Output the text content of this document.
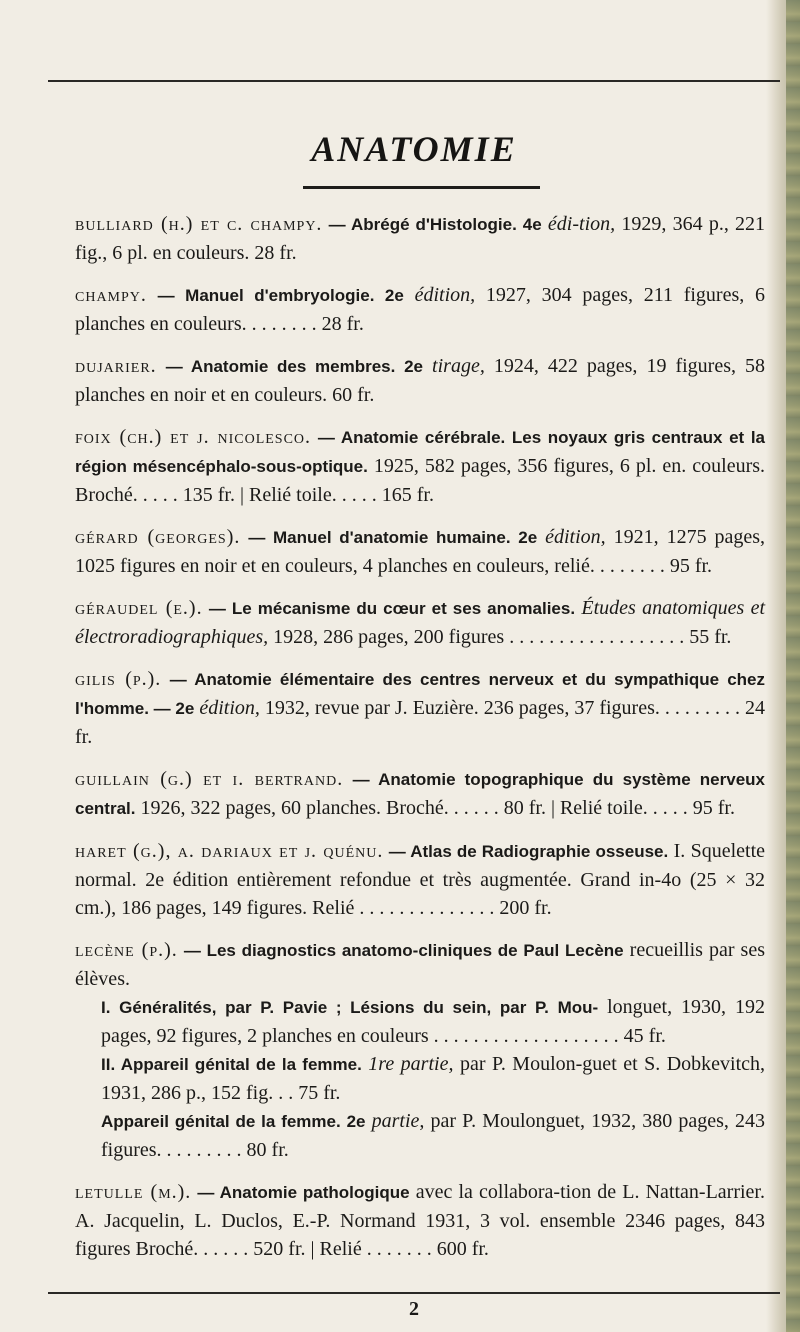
ANATOMIE
bulliard (h.) et c. champy. — Abrégé d'Histologie. 4e édi-tion, 1929, 364 p., 221 fig., 6 pl. en couleurs. 28 fr.
champy. — Manuel d'embryologie. 2e édition, 1927, 304 pages, 211 figures, 6 planches en couleurs. . . . . . . . 28 fr.
dujarier. — Anatomie des membres. 2e tirage, 1924, 422 pages, 19 figures, 58 planches en noir et en couleurs. 60 fr.
foix (ch.) et j. nicolesco. — Anatomie cérébrale. Les noyaux gris centraux et la région mésencéphalo-sous-optique. 1925, 582 pages, 356 figures, 6 pl. en. couleurs. Broché. . . . . 135 fr. | Relié toile. . . . . 165 fr.
gérard (georges). — Manuel d'anatomie humaine. 2e édition, 1921, 1275 pages, 1025 figures en noir et en couleurs, 4 planches en couleurs, relié. . . . . . . . 95 fr.
géraudel (e.). — Le mécanisme du cœur et ses anomalies. Études anatomiques et électroradiographiques, 1928, 286 pages, 200 figures . . . . . . . . . . . . . . . . . . 55 fr.
gilis (p.). — Anatomie élémentaire des centres nerveux et du sympathique chez l'homme. — 2e édition, 1932, revue par J. Euzière. 236 pages, 37 figures. . . . . . . . . 24 fr.
guillain (g.) et i. bertrand. — Anatomie topographique du système nerveux central. 1926, 322 pages, 60 planches. Broché. . . . . . 80 fr. | Relié toile. . . . . 95 fr.
haret (g.), a. dariaux et j. quénu. — Atlas de Radiographie osseuse. I. Squelette normal. 2e édition entièrement refondue et très augmentée. Grand in-4o (25 × 32 cm.), 186 pages, 149 figures. Relié . . . . . . . . . . . . . . 200 fr.
lecène (p.). — Les diagnostics anatomo-cliniques de Paul Lecène recueillis par ses élèves.
I. Généralités, par P. Pavie ; Lésions du sein, par P. Mou- longuet, 1930, 192 pages, 92 figures, 2 planches en couleurs . . . . . . . . . . . . . . . . . . . 45 fr.
II. Appareil génital de la femme. 1re partie, par P. Moulon-guet et S. Dobkevitch, 1931, 286 p., 152 fig. . . 75 fr.
Appareil génital de la femme. 2e partie, par P. Moulonguet, 1932, 380 pages, 243 figures. . . . . . . . . 80 fr.
letulle (m.). — Anatomie pathologique avec la collabora-tion de L. Nattan-Larrier. A. Jacquelin, L. Duclos, E.-P. Normand 1931, 3 vol. ensemble 2346 pages, 843 figures Broché. . . . . . 520 fr. | Relié . . . . . . . 600 fr.
2
